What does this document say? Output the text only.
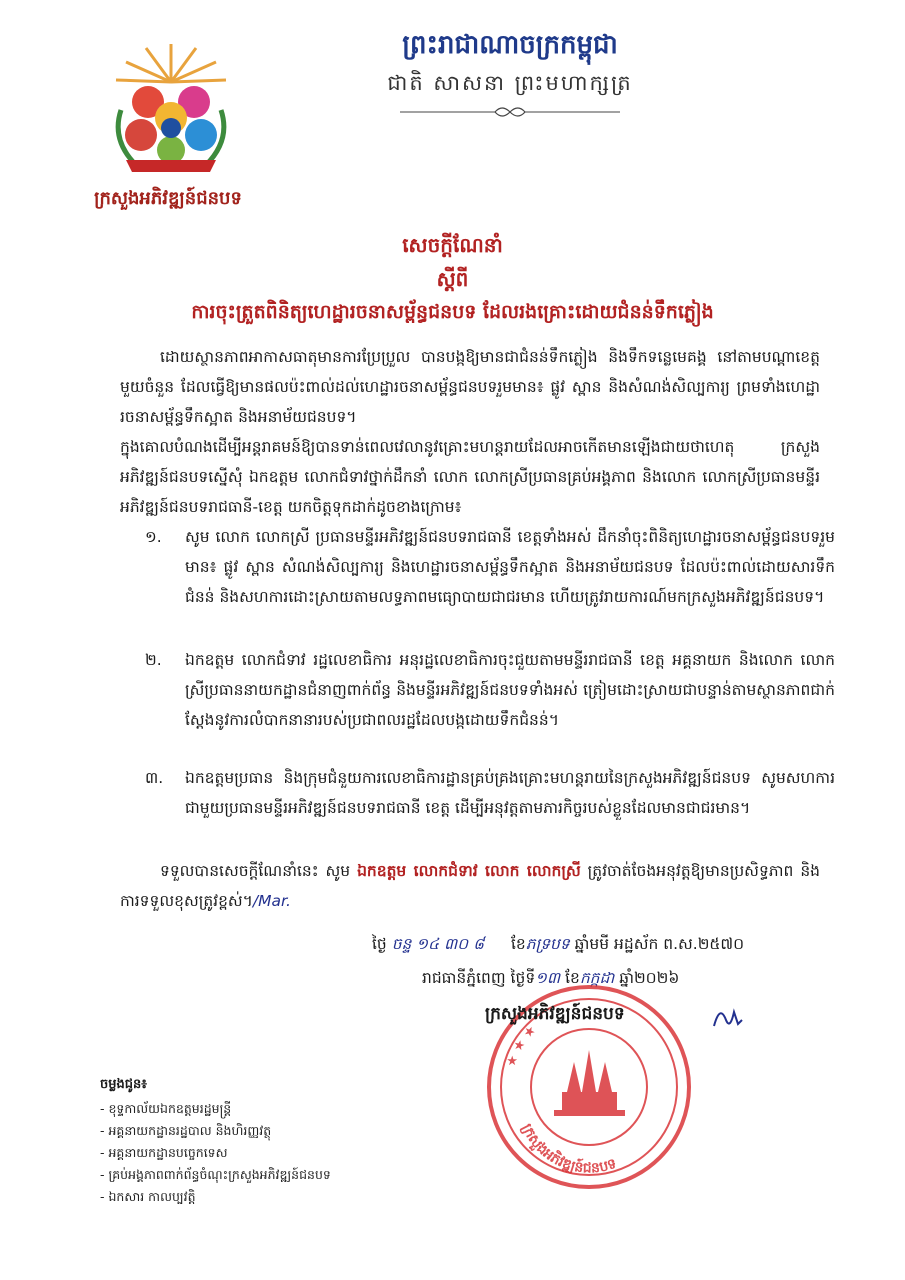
ព្រះរាជាណាចក្រកម្ពុជា
ជាតិ សាសនា ព្រះមហាក្សត្រ
ក្រសួងអភិវឌ្ឍន៍ជនបទ
សេចក្ដីណែនាំ
ស្ដីពី
ការចុះត្រួតពិនិត្យហេដ្ឋារចនាសម្ព័ន្ធជនបទ ដែលរងគ្រោះដោយជំនន់ទឹកភ្លៀង
ដោយស្ថានភាពអាកាសធាតុមានការប្រែប្រួល បានបង្កឱ្យមានជាជំនន់ទឹកភ្លៀង និងទឹកទន្លេមេគង្គ នៅតាមបណ្ដាខេត្តមួយចំនួន ដែលធ្វើឱ្យមានផលប៉ះពាល់ដល់ហេដ្ឋារចនាសម្ព័ន្ធជនបទរួមមាន៖ ផ្លូវ ស្ពាន និងសំណង់សិល្បការ្យ ព្រមទាំងហេដ្ឋារចនាសម្ព័ន្ធទឹកស្អាត និងអនាម័យជនបទ។
ក្នុងគោលបំណងដើម្បីអន្តរាគមន៍ឱ្យបានទាន់ពេលវេលានូវគ្រោះមហន្តរាយដែលអាចកើតមានឡើងជាយថាហេតុ ក្រសួងអភិវឌ្ឍន៍ជនបទស្នើសុំ ឯកឧត្តម លោកជំទាវថ្នាក់ដឹកនាំ លោក លោកស្រីប្រធានគ្រប់អង្គភាព និងលោក លោកស្រីប្រធានមន្ទីរអភិវឌ្ឍន៍ជនបទរាជធានី-ខេត្ត យកចិត្តទុកដាក់ដូចខាងក្រោម៖
១. សូម លោក លោកស្រី ប្រធានមន្ទីរអភិវឌ្ឍន៍ជនបទរាជធានី ខេត្តទាំងអស់ ដឹកនាំចុះពិនិត្យហេដ្ឋារចនាសម្ព័ន្ធជនបទរួមមាន៖ ផ្លូវ ស្ពាន សំណង់សិល្បការ្យ និងហេដ្ឋារចនាសម្ព័ន្ធទឹកស្អាត និងអនាម័យជនបទ ដែលប៉ះពាល់ដោយសារទឹកជំនន់ និងសហការដោះស្រាយតាមលទ្ធភាពមធ្យោបាយជាជរមាន ហើយត្រូវរាយការណ៍មកក្រសួងអភិវឌ្ឍន៍ជនបទ។
២. ឯកឧត្តម លោកជំទាវ រដ្ឋលេខាធិការ អនុរដ្ឋលេខាធិការចុះជួយតាមមន្ទីររាជធានី ខេត្ត អគ្គនាយក និងលោក លោកស្រីប្រធាននាយកដ្ឋានជំនាញពាក់ព័ន្ធ និងមន្ទីរអភិវឌ្ឍន៍ជនបទទាំងអស់ ត្រៀមដោះស្រាយជាបន្ទាន់តាមស្ថានភាពជាក់ស្ដែងនូវការលំបាកនានារបស់ប្រជាពលរដ្ឋដែលបង្កដោយទឹកជំនន់។
៣. ឯកឧត្តមប្រធាន និងក្រុមជំនួយការលេខាធិការដ្ឋានគ្រប់គ្រងគ្រោះមហន្តរាយនៃក្រសួងអភិវឌ្ឍន៍ជនបទ សូមសហការជាមួយប្រធានមន្ទីរអភិវឌ្ឍន៍ជនបទរាជធានី ខេត្ត ដើម្បីអនុវត្តតាមភារកិច្ចរបស់ខ្លួនដែលមានជាជរមាន។
ទទួលបានសេចក្ដីណែនាំនេះ សូម ឯកឧត្តម លោកជំទាវ លោក លោកស្រី ត្រូវចាត់ចែងអនុវត្តឱ្យមានប្រសិទ្ធភាព និងការទទួលខុសត្រូវខ្ពស់។/Mar.
ថ្ងៃ ចន្ទ ១៤ ៣០ ៨ ខែភទ្របទ ឆ្នាំមមី អដ្ឋស័ក ព.ស.២៥៧០
រាជធានីភ្នំពេញ ថ្ងៃទី១៣ ខែកក្កដា ឆ្នាំ២០២៦
★ ★ ★
ក្រសួងអភិវឌ្ឍន៍ជនបទ
ក្រសួងអភិវឌ្ឍន៍ជនបទ
ចម្លងជូន៖
- ខុទ្ទកាល័យឯកឧត្តមរដ្ឋមន្ត្រី
- អគ្គនាយកដ្ឋានរដ្ឋបាល និងហិរញ្ញវត្ថុ
- អគ្គនាយកដ្ឋានបច្ចេកទេស
- គ្រប់អង្គភាពពាក់ព័ន្ធចំណុះក្រសួងអភិវឌ្ឍន៍ជនបទ
- ឯកសារ កាលប្បវត្តិ
